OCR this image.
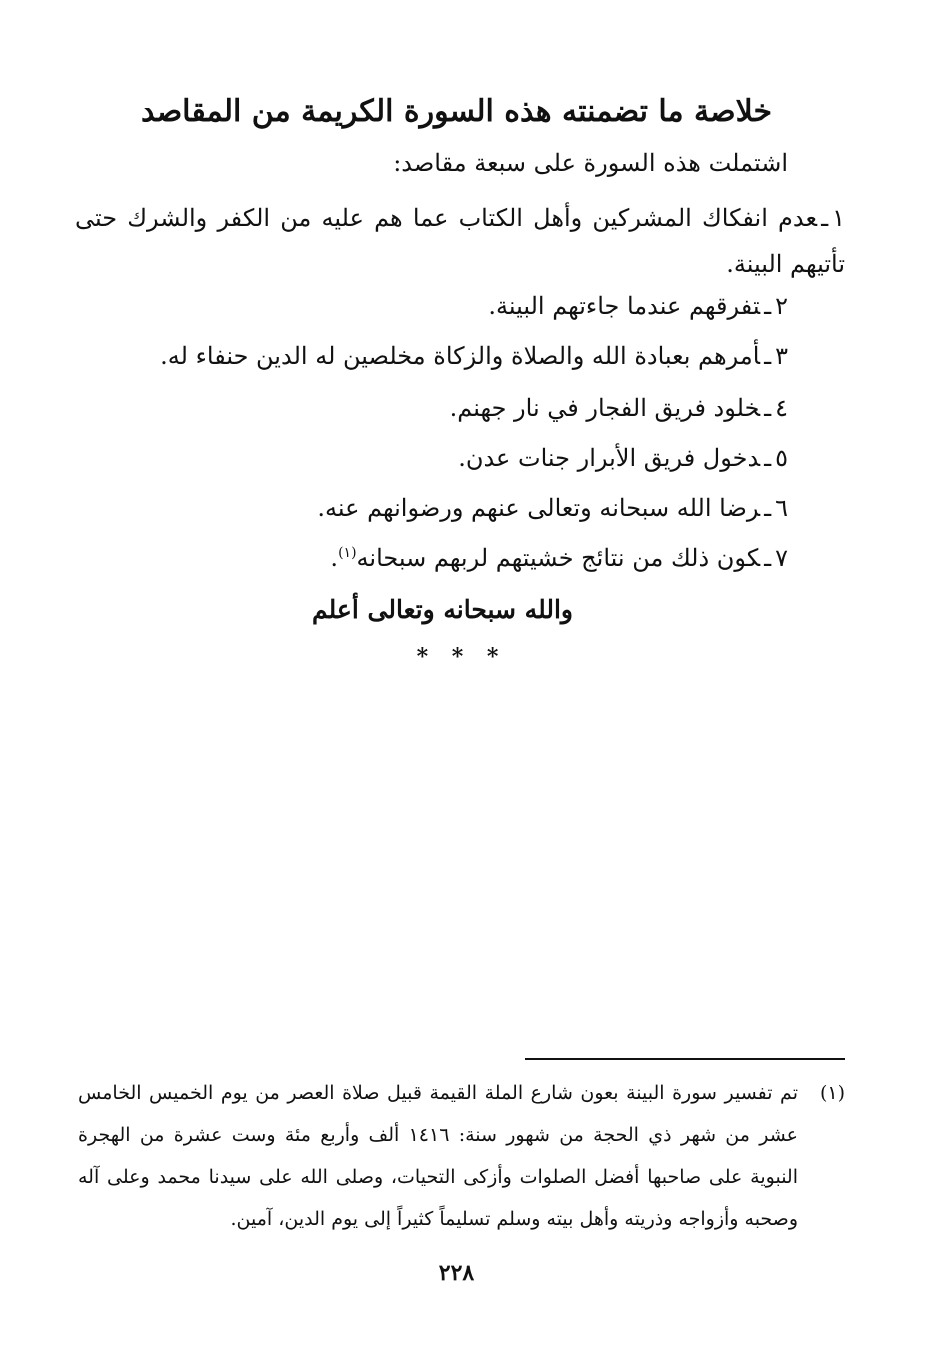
خلاصة ما تضمنته هذه السورة الكريمة من المقاصد
اشتملت هذه السورة على سبعة مقاصد:
١ـعدم انفكاك المشركين وأهل الكتاب عما هم عليه من الكفر والشرك حتى تأتيهم البينة.
٢ـتفرقهم عندما جاءتهم البينة.
٣ـأمرهم بعبادة الله والصلاة والزكاة مخلصين له الدين حنفاء له.
٤ـخلود فريق الفجار في نار جهنم.
٥ـدخول فريق الأبرار جنات عدن.
٦ـرضا الله سبحانه وتعالى عنهم ورضوانهم عنه.
٧ـكون ذلك من نتائج خشيتهم لربهم سبحانه$^{(١)}$.
والله سبحانه وتعالى أعلم
* * *
(١)
تم تفسير سورة البينة بعون شارع الملة القيمة قبيل صلاة العصر من يوم الخميس الخامس عشر من شهر ذي الحجة من شهور سنة: ١٤١٦ ألف وأربع مئة وست عشرة من الهجرة النبوية على صاحبها أفضل الصلوات وأزكى التحيات، وصلى الله على سيدنا محمد وعلى آله وصحبه وأزواجه وذريته وأهل بيته وسلم تسليماً كثيراً إلى يوم الدين، آمين.
٢٢٨
